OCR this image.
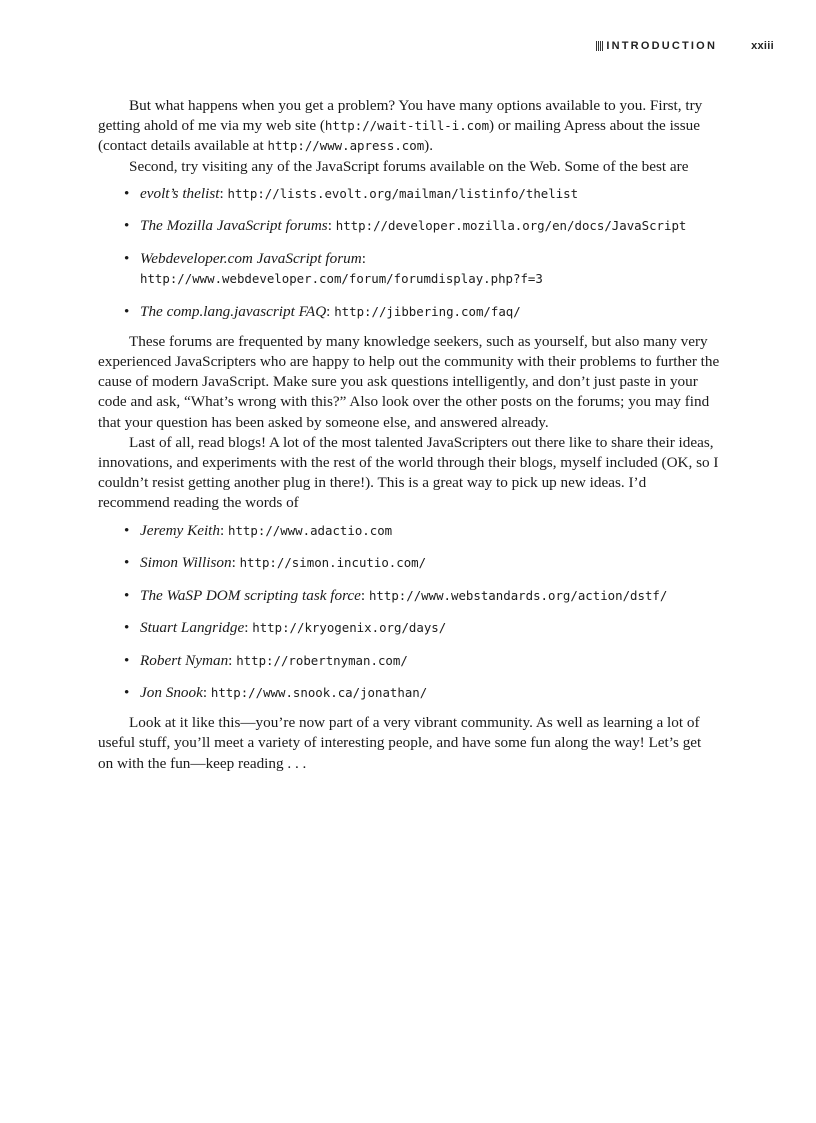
INTRODUCTION	xxiii

But what happens when you get a problem? You have many options available to you. First, try getting ahold of me via my web site (http://wait-till-i.com) or mailing Apress about the issue (contact details available at http://www.apress.com).

Second, try visiting any of the JavaScript forums available on the Web. Some of the best are

• evolt’s thelist: http://lists.evolt.org/mailman/listinfo/thelist
• The Mozilla JavaScript forums: http://developer.mozilla.org/en/docs/JavaScript
• Webdeveloper.com JavaScript forum: http://www.webdeveloper.com/forum/forumdisplay.php?f=3
• The comp.lang.javascript FAQ: http://jibbering.com/faq/

These forums are frequented by many knowledge seekers, such as yourself, but also many very experienced JavaScripters who are happy to help out the community with their problems to further the cause of modern JavaScript. Make sure you ask questions intelligently, and don’t just paste in your code and ask, “What’s wrong with this?” Also look over the other posts on the forums; you may find that your question has been asked by someone else, and answered already.

Last of all, read blogs! A lot of the most talented JavaScripters out there like to share their ideas, innovations, and experiments with the rest of the world through their blogs, myself included (OK, so I couldn’t resist getting another plug in there!). This is a great way to pick up new ideas. I’d recommend reading the words of

• Jeremy Keith: http://www.adactio.com
• Simon Willison: http://simon.incutio.com/
• The WaSP DOM scripting task force: http://www.webstandards.org/action/dstf/
• Stuart Langridge: http://kryogenix.org/days/
• Robert Nyman: http://robertnyman.com/
• Jon Snook: http://www.snook.ca/jonathan/

Look at it like this—you’re now part of a very vibrant community. As well as learning a lot of useful stuff, you’ll meet a variety of interesting people, and have some fun along the way! Let’s get on with the fun—keep reading . . .
